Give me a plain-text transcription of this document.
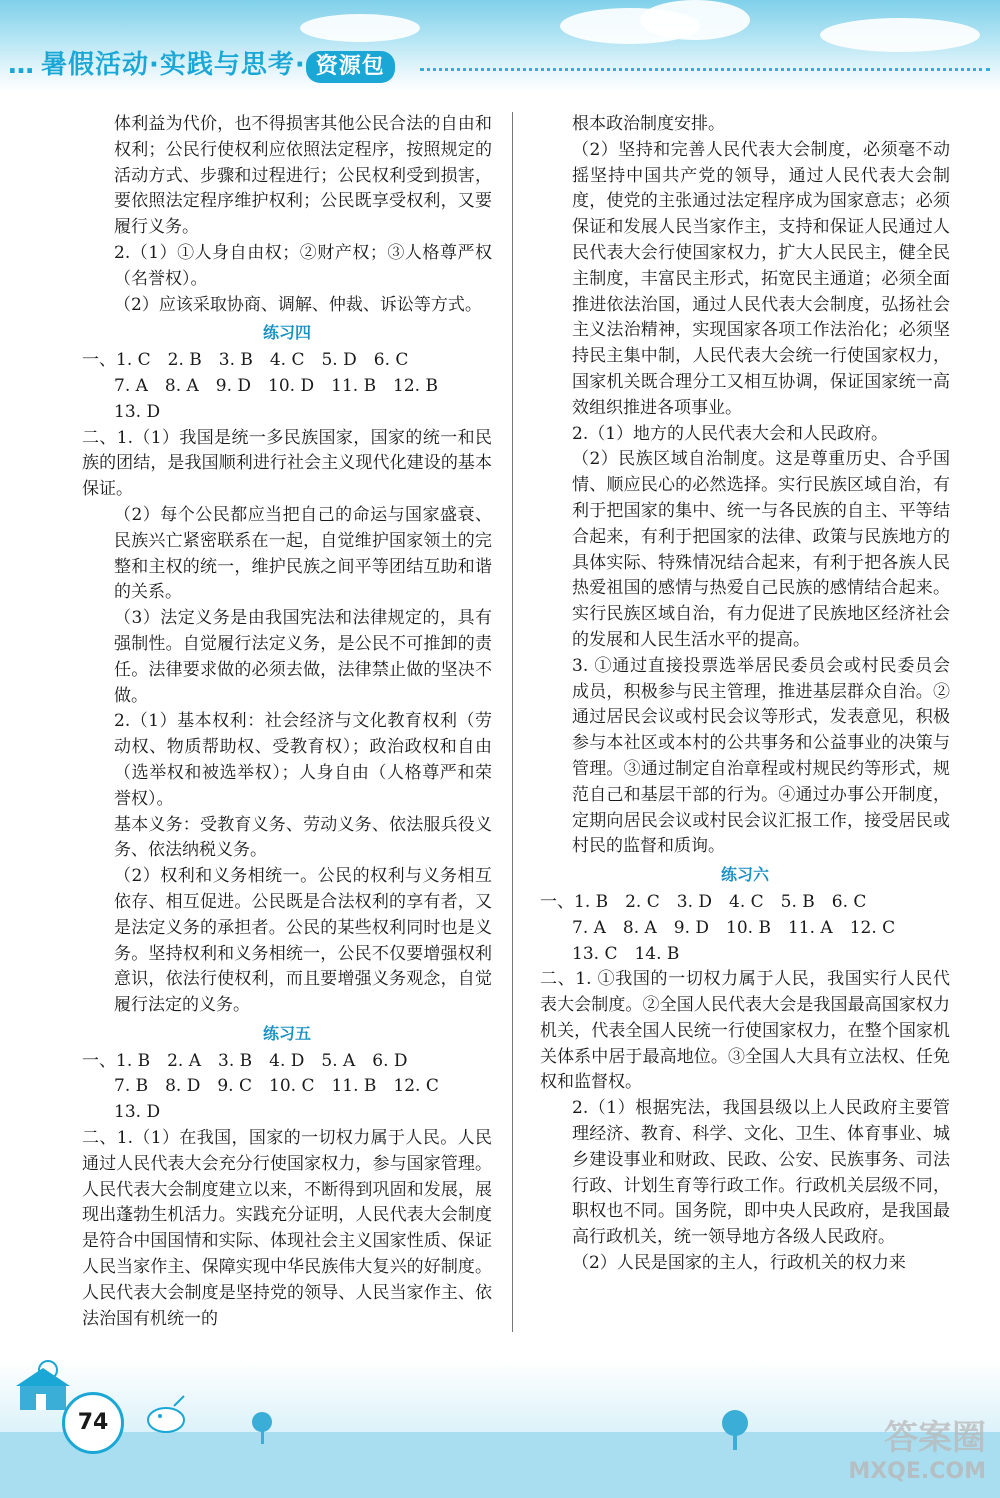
… 暑假活动·实践与思考· 资源包
体利益为代价，也不得损害其他公民合法的自由和权利；公民行使权利应依照法定程序，按照规定的活动方式、步骤和过程进行；公民权利受到损害，要依照法定程序维护权利；公民既享受权利，又要履行义务。
2.（1）①人身自由权；②财产权；③人格尊严权（名誉权）。
（2）应该采取协商、调解、仲裁、诉讼等方式。
练习四
一、1. C　2. B　3. B　4. C　5. D　6. C
7. A　8. A　9. D　10. D　11. B　12. B
13. D
二、1.（1）我国是统一多民族国家，国家的统一和民族的团结，是我国顺利进行社会主义现代化建设的基本保证。
（2）每个公民都应当把自己的命运与国家盛衰、民族兴亡紧密联系在一起，自觉维护国家领土的完整和主权的统一，维护民族之间平等团结互助和谐的关系。
（3）法定义务是由我国宪法和法律规定的，具有强制性。自觉履行法定义务，是公民不可推卸的责任。法律要求做的必须去做，法律禁止做的坚决不做。
2.（1）基本权利：社会经济与文化教育权利（劳动权、物质帮助权、受教育权）；政治政权和自由（选举权和被选举权）；人身自由（人格尊严和荣誉权）。
基本义务：受教育义务、劳动义务、依法服兵役义务、依法纳税义务。
（2）权利和义务相统一。公民的权利与义务相互依存、相互促进。公民既是合法权利的享有者，又是法定义务的承担者。公民的某些权利同时也是义务。坚持权利和义务相统一，公民不仅要增强权利意识，依法行使权利，而且要增强义务观念，自觉履行法定的义务。
练习五
一、1. B　2. A　3. B　4. D　5. A　6. D
7. B　8. D　9. C　10. C　11. B　12. C
13. D
二、1.（1）在我国，国家的一切权力属于人民。人民通过人民代表大会充分行使国家权力，参与国家管理。人民代表大会制度建立以来，不断得到巩固和发展，展现出蓬勃生机活力。实践充分证明，人民代表大会制度是符合中国国情和实际、体现社会主义国家性质、保证人民当家作主、保障实现中华民族伟大复兴的好制度。人民代表大会制度是坚持党的领导、人民当家作主、依法治国有机统一的
根本政治制度安排。
（2）坚持和完善人民代表大会制度，必须毫不动摇坚持中国共产党的领导，通过人民代表大会制度，使党的主张通过法定程序成为国家意志；必须保证和发展人民当家作主，支持和保证人民通过人民代表大会行使国家权力，扩大人民民主，健全民主制度，丰富民主形式，拓宽民主通道；必须全面推进依法治国，通过人民代表大会制度，弘扬社会主义法治精神，实现国家各项工作法治化；必须坚持民主集中制，人民代表大会统一行使国家权力，国家机关既合理分工又相互协调，保证国家统一高效组织推进各项事业。
2.（1）地方的人民代表大会和人民政府。
（2）民族区域自治制度。这是尊重历史、合乎国情、顺应民心的必然选择。实行民族区域自治，有利于把国家的集中、统一与各民族的自主、平等结合起来，有利于把国家的法律、政策与民族地方的具体实际、特殊情况结合起来，有利于把各族人民热爱祖国的感情与热爱自己民族的感情结合起来。实行民族区域自治，有力促进了民族地区经济社会的发展和人民生活水平的提高。
3. ①通过直接投票选举居民委员会或村民委员会成员，积极参与民主管理，推进基层群众自治。②通过居民会议或村民会议等形式，发表意见，积极参与本社区或本村的公共事务和公益事业的决策与管理。③通过制定自治章程或村规民约等形式，规范自己和基层干部的行为。④通过办事公开制度，定期向居民会议或村民会议汇报工作，接受居民或村民的监督和质询。
练习六
一、1. B　2. C　3. D　4. C　5. B　6. C
7. A　8. A　9. D　10. B　11. A　12. C
13. C　14. B
二、1. ①我国的一切权力属于人民，我国实行人民代表大会制度。②全国人民代表大会是我国最高国家权力机关，代表全国人民统一行使国家权力，在整个国家机关体系中居于最高地位。③全国人大具有立法权、任免权和监督权。
2.（1）根据宪法，我国县级以上人民政府主要管理经济、教育、科学、文化、卫生、体育事业、城乡建设事业和财政、民政、公安、民族事务、司法行政、计划生育等行政工作。行政机关层级不同，职权也不同。国务院，即中央人民政府，是我国最高行政机关，统一领导地方各级人民政府。
（2）人民是国家的主人，行政机关的权力来
74	答案圈
MXQE.COM
